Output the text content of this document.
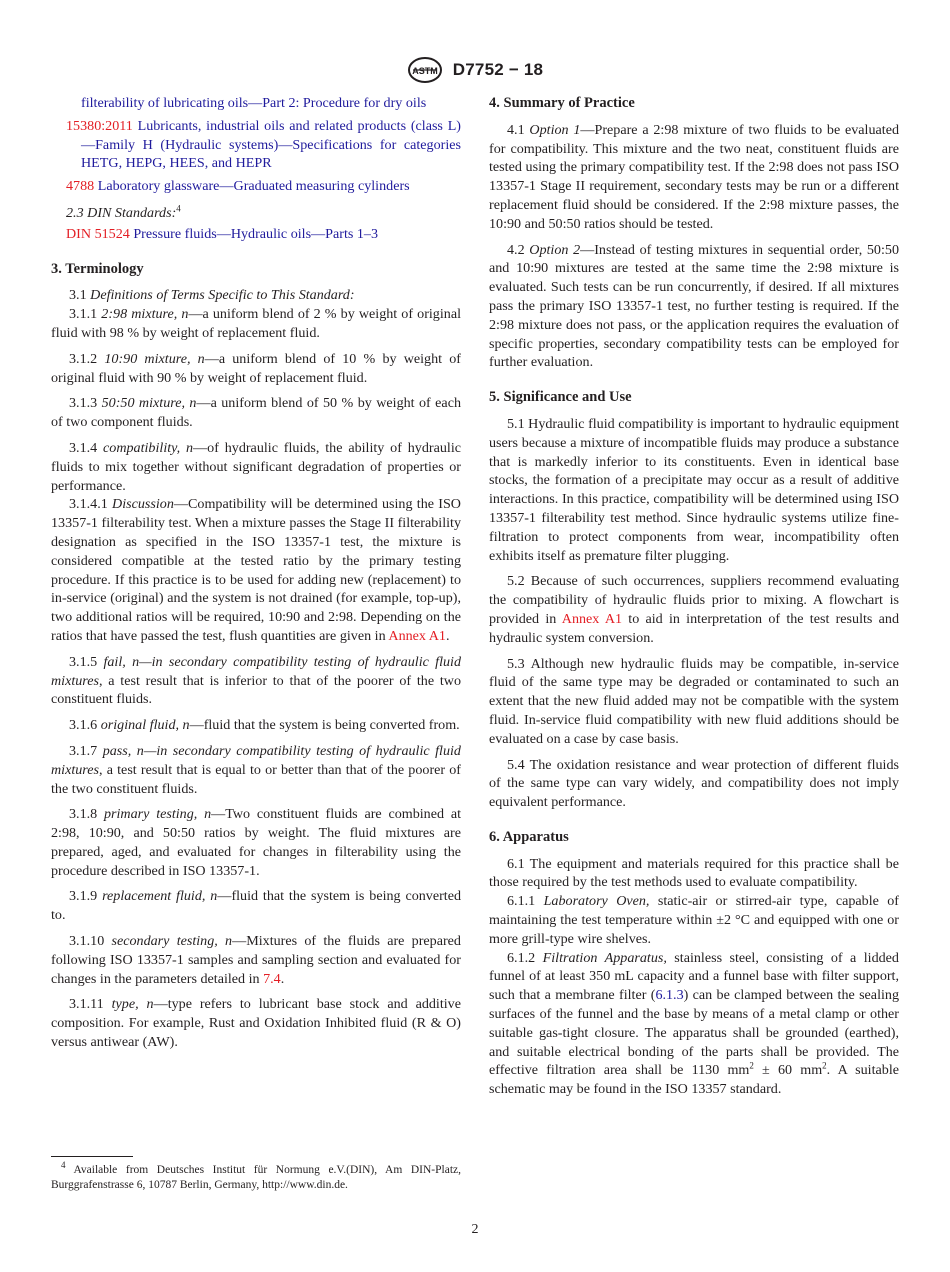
ASTM D7752 − 18
filterability of lubricating oils—Part 2: Procedure for dry oils
15380:2011 Lubricants, industrial oils and related products (class L)—Family H (Hydraulic systems)—Specifications for categories HETG, HEPG, HEES, and HEPR
4788 Laboratory glassware—Graduated measuring cylinders

2.3 DIN Standards:$^4$

DIN 51524 Pressure fluids—Hydraulic oils—Parts 1–3
3. Terminology

3.1 Definitions of Terms Specific to This Standard:

3.1.1 2:98 mixture, n—a uniform blend of 2 % by weight of original fluid with 98 % by weight of replacement fluid.

3.1.2 10:90 mixture, n—a uniform blend of 10 % by weight of original fluid with 90 % by weight of replacement fluid.

3.1.3 50:50 mixture, n—a uniform blend of 50 % by weight of each of two component fluids.

3.1.4 compatibility, n—of hydraulic fluids, the ability of hydraulic fluids to mix together without significant degradation of properties or performance.

3.1.4.1 Discussion—Compatibility will be determined using the ISO 13357-1 filterability test. When a mixture passes the Stage II filterability designation as specified in the ISO 13357-1 test, the mixture is considered compatible at the tested ratio by the primary testing procedure. If this practice is to be used for adding new (replacement) to in-service (original) and the system is not drained (for example, top-up), two additional ratios will be required, 10:90 and 2:98. Depending on the ratios that have passed the test, flush quantities are given in Annex A1.

3.1.5 fail, n—in secondary compatibility testing of hydraulic fluid mixtures, a test result that is inferior to that of the poorer of the two constituent fluids.

3.1.6 original fluid, n—fluid that the system is being converted from.

3.1.7 pass, n—in secondary compatibility testing of hydraulic fluid mixtures, a test result that is equal to or better than that of the poorer of the two constituent fluids.

3.1.8 primary testing, n—Two constituent fluids are combined at 2:98, 10:90, and 50:50 ratios by weight. The fluid mixtures are prepared, aged, and evaluated for changes in filterability using the procedure described in ISO 13357-1.

3.1.9 replacement fluid, n—fluid that the system is being converted to.

3.1.10 secondary testing, n—Mixtures of the fluids are prepared following ISO 13357-1 samples and sampling section and evaluated for changes in the parameters detailed in 7.4.

3.1.11 type, n—type refers to lubricant base stock and additive composition. For example, Rust and Oxidation Inhibited fluid (R & O) versus antiwear (AW).

4. Summary of Practice

4.1 Option 1—Prepare a 2:98 mixture of two fluids to be evaluated for compatibility. This mixture and the two neat, constituent fluids are tested using the primary compatibility test. If the 2:98 does not pass ISO 13357-1 Stage II requirement, secondary tests may be run or a different replacement fluid should be considered. If the 2:98 mixture passes, the 10:90 and 50:50 ratios should be tested.

4.2 Option 2—Instead of testing mixtures in sequential order, 50:50 and 10:90 mixtures are tested at the same time the 2:98 mixture is evaluated. Such tests can be run concurrently, if desired. If all mixtures pass the primary ISO 13357-1 test, no further testing is required. If the 2:98 mixture does not pass, or the application requires the evaluation of specific properties, secondary compatibility tests can be employed for further evaluation.

5. Significance and Use

5.1 Hydraulic fluid compatibility is important to hydraulic equipment users because a mixture of incompatible fluids may produce a substance that is markedly inferior to its constituents. Even in identical base stocks, the formation of a precipitate may occur as a result of additive interactions. In this practice, compatibility will be determined using ISO 13357-1 filterability test method. Since hydraulic systems utilize fine-filtration to protect components from wear, incompatibility often exhibits itself as premature filter plugging.

5.2 Because of such occurrences, suppliers recommend evaluating the compatibility of hydraulic fluids prior to mixing. A flowchart is provided in Annex A1 to aid in interpretation of the test results and hydraulic system conversion.

5.3 Although new hydraulic fluids may be compatible, in-service fluid of the same type may be degraded or contaminated to such an extent that the new fluid added may not be compatible with the system fluid. In-service fluid compatibility with new fluid additions should be evaluated on a case by case basis.

5.4 The oxidation resistance and wear protection of different fluids of the same type can vary widely, and compatibility does not imply equivalent performance.

6. Apparatus

6.1 The equipment and materials required for this practice shall be those required by the test methods used to evaluate compatibility.

6.1.1 Laboratory Oven, static-air or stirred-air type, capable of maintaining the test temperature within ±2 °C and equipped with one or more grill-type wire shelves.

6.1.2 Filtration Apparatus, stainless steel, consisting of a lidded funnel of at least 350 mL capacity and a funnel base with filter support, such that a membrane filter (6.1.3) can be clamped between the sealing surfaces of the funnel and the base by means of a metal clamp or other suitable gas-tight closure. The apparatus shall be grounded (earthed), and suitable electrical bonding of the parts shall be provided. The effective filtration area shall be 1130 $mm^2 \pm 60$ $mm^2$. A suitable schematic may be found in the ISO 13357 standard.

$^4$ Available from Deutsches Institut für Normung e.V.(DIN), Am DIN-Platz, Burggrafenstrasse 6, 10787 Berlin, Germany, http://www.din.de.
2
